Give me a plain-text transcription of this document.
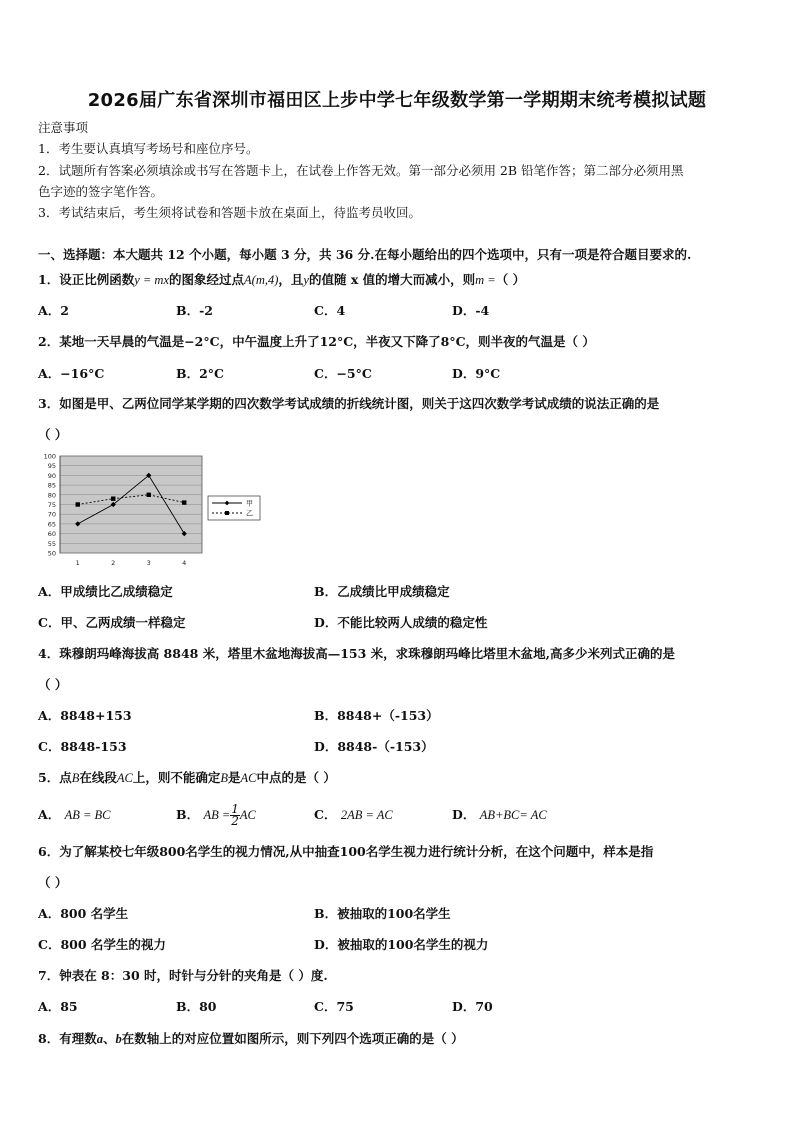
2026届广东省深圳市福田区上步中学七年级数学第一学期期末统考模拟试题
注意事项
1．考生要认真填写考场号和座位序号。
2．试题所有答案必须填涂或书写在答题卡上，在试卷上作答无效。第一部分必须用 2B 铅笔作答；第二部分必须用黑
色字迹的签字笔作答。
3．考试结束后，考生须将试卷和答题卡放在桌面上，待监考员收回。
一、选择题：本大题共 12 个小题，每小题 3 分，共 36 分.在每小题给出的四个选项中，只有一项是符合题目要求的.
1．设正比例函数y = mx的图象经过点A(m,4)，且y的值随 x 值的增大而减小，则m =（ ）
A．2	B．-2	C．4	D．-4
2．某地一天早晨的气温是−2°C，中午温度上升了12°C，半夜又下降了8°C，则半夜的气温是（ ）
A．−16°C	B．2°C	C．−5°C	D．9°C
3．如图是甲、乙两位同学某学期的四次数学考试成绩的折线统计图，则关于这四次数学考试成绩的说法正确的是
（ ）
100
95
90
85
80
75
70
65
60
55
50
1	2	3	4
甲
乙
A．甲成绩比乙成绩稳定	B．乙成绩比甲成绩稳定
C．甲、乙两成绩一样稳定	D．不能比较两人成绩的稳定性
4．珠穆朗玛峰海拔高 8848 米，塔里木盆地海拔高—153 米，求珠穆朗玛峰比塔里木盆地,高多少米列式正确的是
（ ）
A．8848+153	B．8848+（-153）
C．8848-153	D．8848-（-153）
5．点B在线段AC上，则不能确定B是AC中点的是（ ）
A． AB = BC	B． AB = $\frac{1}{2}$ AC	C． 2AB = AC	D． AB+BC= AC
6．为了解某校七年级800名学生的视力情况,从中抽查100名学生视力进行统计分析，在这个问题中，样本是指
（ ）
A．800 名学生	B．被抽取的100名学生
C．800 名学生的视力	D．被抽取的100名学生的视力
7．钟表在 8：30 时，时针与分针的夹角是（ ）度.
A．85	B．80	C．75	D．70
8．有理数a、b在数轴上的对应位置如图所示，则下列四个选项正确的是（ ）
